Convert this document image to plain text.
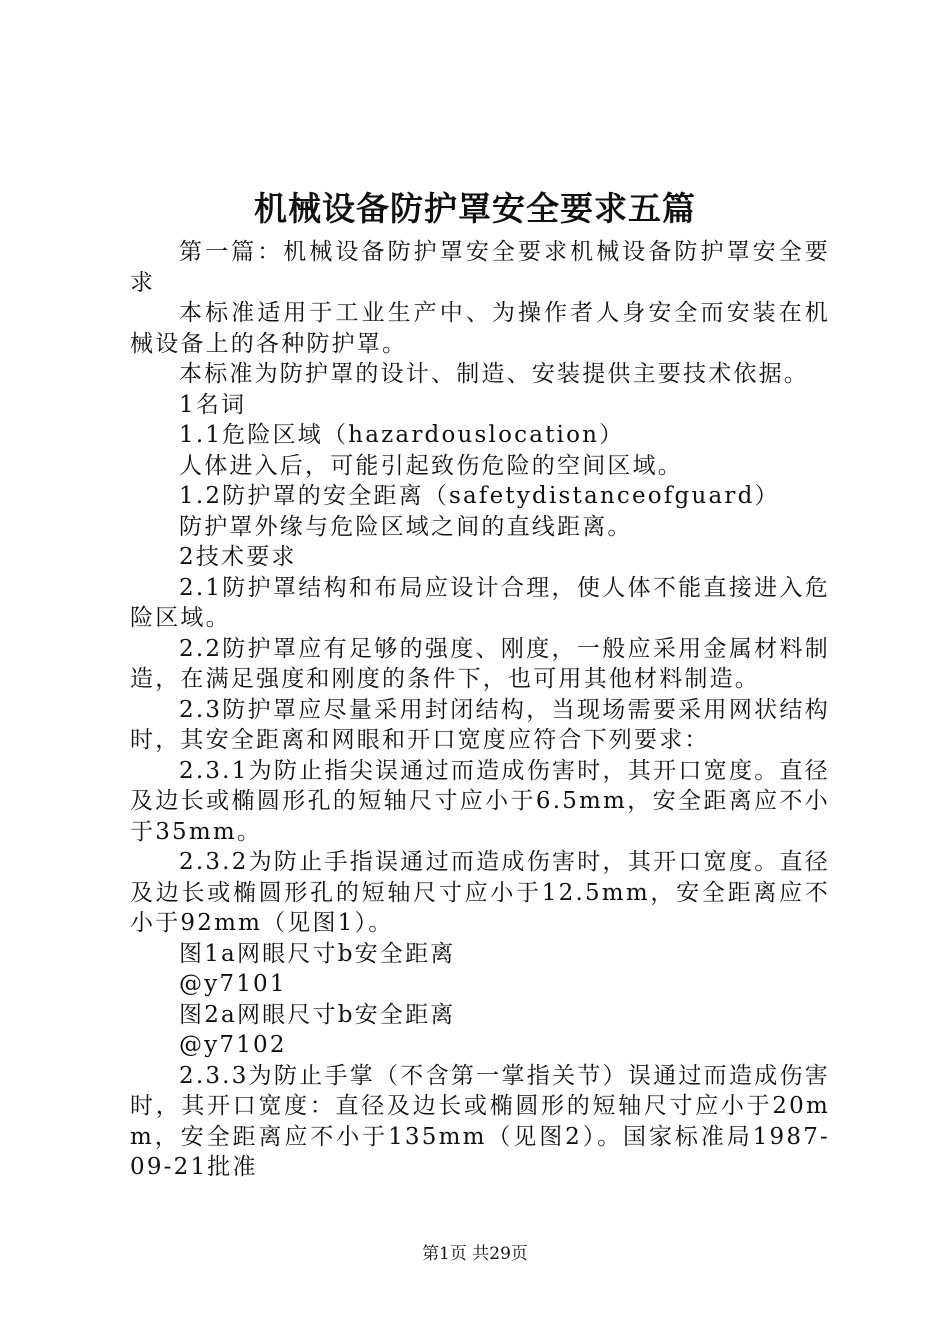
机械设备防护罩安全要求五篇

第一篇：机械设备防护罩安全要求机械设备防护罩安全要求

本标准适用于工业生产中、为操作者人身安全而安装在机械设备上的各种防护罩。

本标准为防护罩的设计、制造、安装提供主要技术依据。

1名词

1.1危险区域（hazardouslocation）

人体进入后，可能引起致伤危险的空间区域。

1.2防护罩的安全距离（safetydistanceofguard）

防护罩外缘与危险区域之间的直线距离。

2技术要求

2.1防护罩结构和布局应设计合理，使人体不能直接进入危险区域。

2.2防护罩应有足够的强度、刚度，一般应采用金属材料制造，在满足强度和刚度的条件下，也可用其他材料制造。

2.3防护罩应尽量采用封闭结构，当现场需要采用网状结构时，其安全距离和网眼和开口宽度应符合下列要求：

2.3.1为防止指尖误通过而造成伤害时，其开口宽度。直径及边长或椭圆形孔的短轴尺寸应小于6.5mm，安全距离应不小于35mm。

2.3.2为防止手指误通过而造成伤害时，其开口宽度。直径及边长或椭圆形孔的短轴尺寸应小于12.5mm，安全距离应不小于92mm（见图1）。

图1a网眼尺寸b安全距离

@y7101

图2a网眼尺寸b安全距离

@y7102

2.3.3为防止手掌（不含第一掌指关节）误通过而造成伤害时，其开口宽度：直径及边长或椭圆形的短轴尺寸应小于20mm，安全距离应不小于135mm（见图2）。国家标准局1987-09-21批准

第1页 共29页
